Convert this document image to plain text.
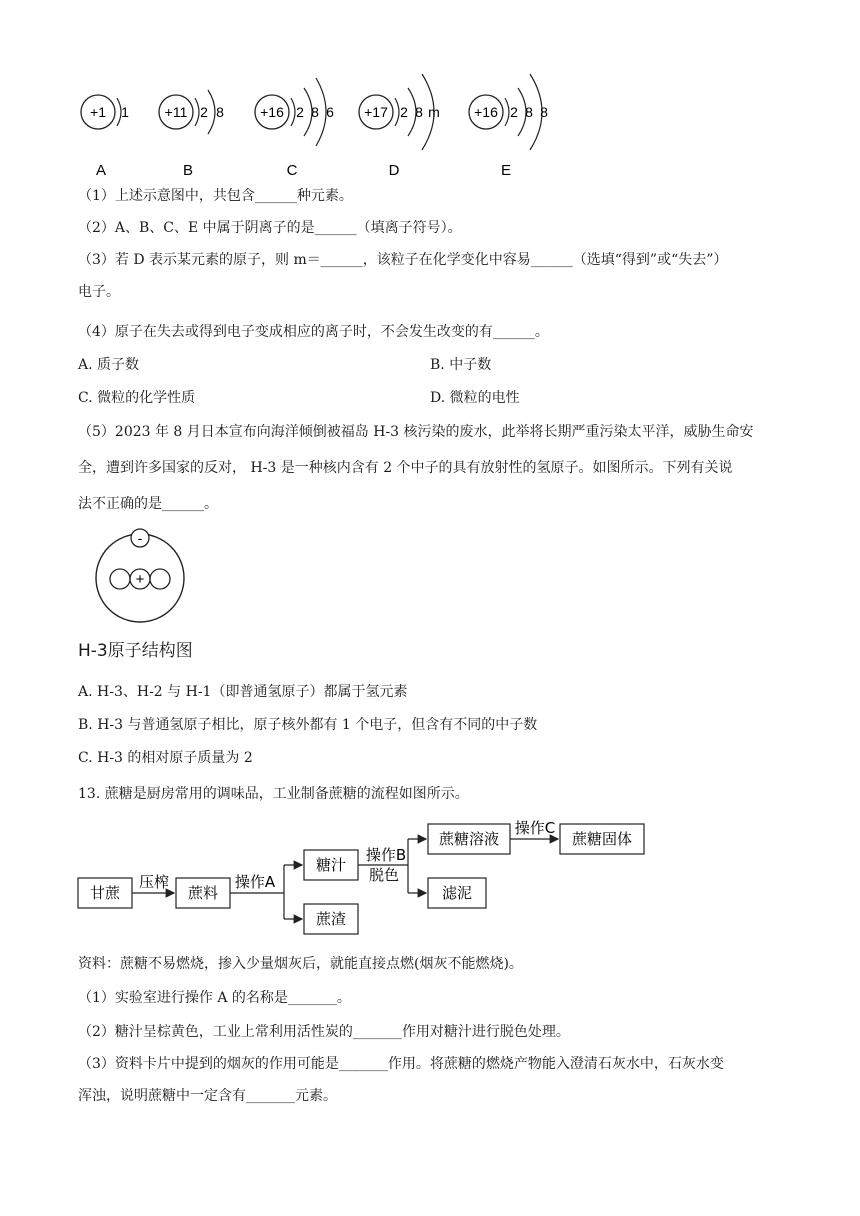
+1 1
A
+11 2 8
B
+16 2 8 6
C
+17 2 8 m
D
+16 2 8 8
E
（1）上述示意图中，共包含______种元素。
（2）A、B、C、E 中属于阴离子的是______（填离子符号）。
（3）若 D 表示某元素的原子，则 m＝______，该粒子在化学变化中容易______（选填“得到”或“失去”）
电子。
（4）原子在失去或得到电子变成相应的离子时，不会发生改变的有______。
A. 质子数	B. 中子数
C. 微粒的化学性质	D. 微粒的电性
（5）2023 年 8 月日本宣布向海洋倾倒被福岛 H-3 核污染的废水，此举将长期严重污染太平洋，威胁生命安
全，遭到许多国家的反对， H-3 是一种核内含有 2 个中子的具有放射性的氢原子。如图所示。下列有关说
法不正确的是______。
-
+
H-3原子结构图
A. H-3、H-2 与 H-1（即普通氢原子）都属于氢元素
B. H-3 与普通氢原子相比，原子核外都有 1 个电子，但含有不同的中子数
C. H-3 的相对原子质量为 2
13. 蔗糖是厨房常用的调味品，工业制备蔗糖的流程如图所示。
甘蔗	蔗料
糖汁
蔗渣
蔗糖溶液
滤泥
蔗糖固体
压榨	操作A
操作B
脱色
操作C
资料：蔗糖不易燃烧，掺入少量烟灰后，就能直接点燃(烟灰不能燃烧)。
（1）实验室进行操作 A 的名称是_______。
（2）糖汁呈棕黄色，工业上常利用活性炭的_______作用对糖汁进行脱色处理。
（3）资料卡片中提到的烟灰的作用可能是_______作用。将蔗糖的燃烧产物能入澄清石灰水中，石灰水变
浑浊，说明蔗糖中一定含有_______元素。
